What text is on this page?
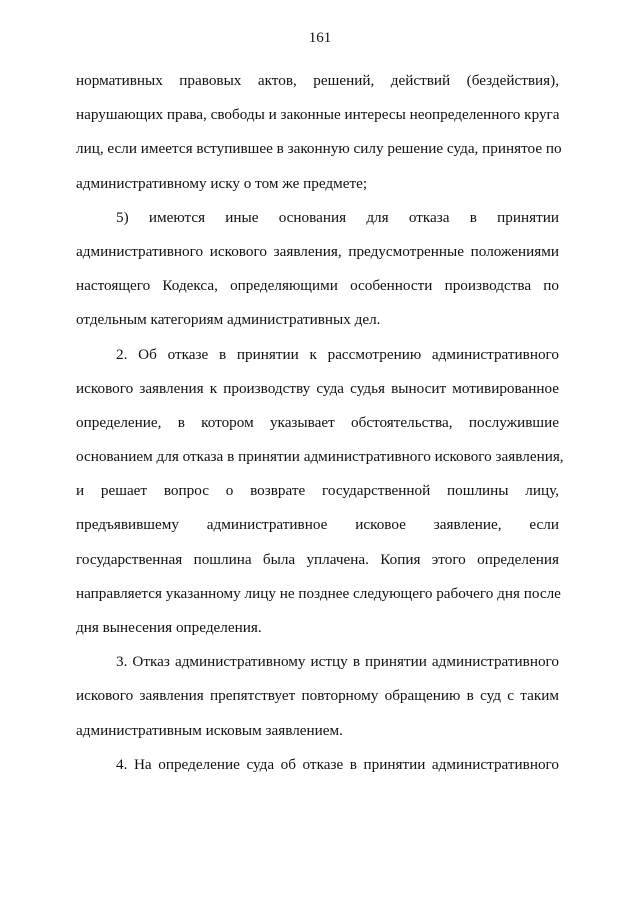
161

нормативных правовых актов, решений, действий (бездействия),
нарушающих права, свободы и законные интересы неопределенного круга
лиц, если имеется вступившее в законную силу решение суда, принятое по
административному иску о том же предмете;

5) имеются иные основания для отказа в принятии
административного искового заявления, предусмотренные положениями
настоящего Кодекса, определяющими особенности производства по
отдельным категориям административных дел.

2. Об отказе в принятии к рассмотрению административного
искового заявления к производству суда судья выносит мотивированное
определение, в котором указывает обстоятельства, послужившие
основанием для отказа в принятии административного искового заявления,
и решает вопрос о возврате государственной пошлины лицу,
предъявившему административное исковое заявление, если
государственная пошлина была уплачена. Копия этого определения
направляется указанному лицу не позднее следующего рабочего дня после
дня вынесения определения.

3. Отказ административному истцу в принятии административного
искового заявления препятствует повторному обращению в суд с таким
административным исковым заявлением.

4. На определение суда об отказе в принятии административного
